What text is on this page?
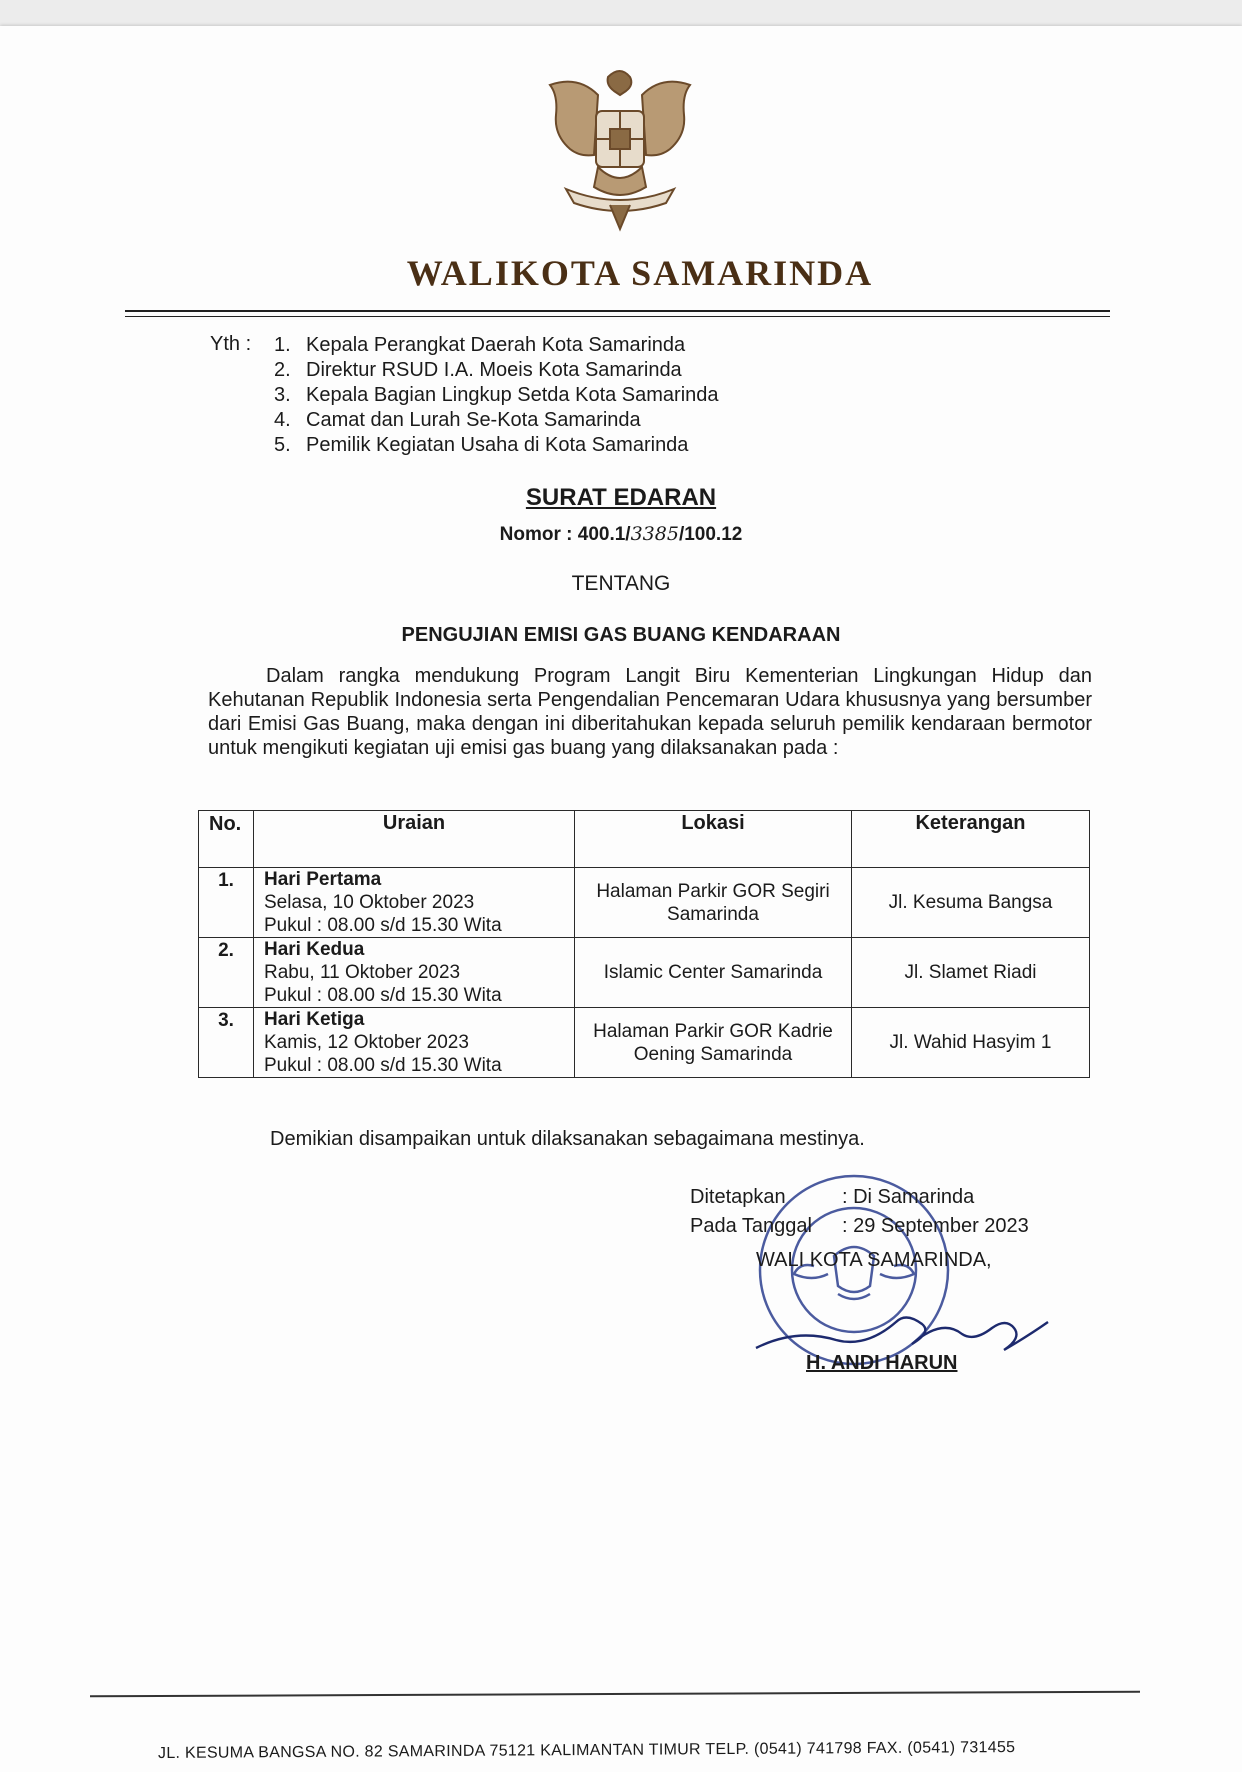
WALIKOTA SAMARINDA
Yth : 1. Kepala Perangkat Daerah Kota Samarinda
2. Direktur RSUD I.A. Moeis Kota Samarinda
3. Kepala Bagian Lingkup Setda Kota Samarinda
4. Camat dan Lurah Se-Kota Samarinda
5. Pemilik Kegiatan Usaha di Kota Samarinda
SURAT EDARAN
Nomor : 400.1/3385/100.12
TENTANG
PENGUJIAN EMISI GAS BUANG KENDARAAN

Dalam rangka mendukung Program Langit Biru Kementerian Lingkungan Hidup dan Kehutanan Republik Indonesia serta Pengendalian Pencemaran Udara khususnya yang bersumber dari Emisi Gas Buang, maka dengan ini diberitahukan kepada seluruh pemilik kendaraan bermotor untuk mengikuti kegiatan uji emisi gas buang yang dilaksanakan pada :

No.	Uraian	Lokasi	Keterangan
1.	Hari Pertama
Selasa, 10 Oktober 2023
Pukul : 08.00 s/d 15.30 Wita	Halaman Parkir GOR Segiri Samarinda	Jl. Kesuma Bangsa
2.	Hari Kedua
Rabu, 11 Oktober 2023
Pukul : 08.00 s/d 15.30 Wita	Islamic Center Samarinda	Jl. Slamet Riadi
3.	Hari Ketiga
Kamis, 12 Oktober 2023
Pukul : 08.00 s/d 15.30 Wita	Halaman Parkir GOR Kadrie Oening Samarinda	Jl. Wahid Hasyim 1
Demikian disampaikan untuk dilaksanakan sebagaimana mestinya.
Ditetapkan	: Di Samarinda
Pada Tanggal : 29 September 2023
WALI KOTA SAMARINDA,
H. ANDI HARUN
JL. KESUMA BANGSA NO. 82 SAMARINDA 75121 KALIMANTAN TIMUR TELP. (0541) 741798 FAX. (0541) 731455
